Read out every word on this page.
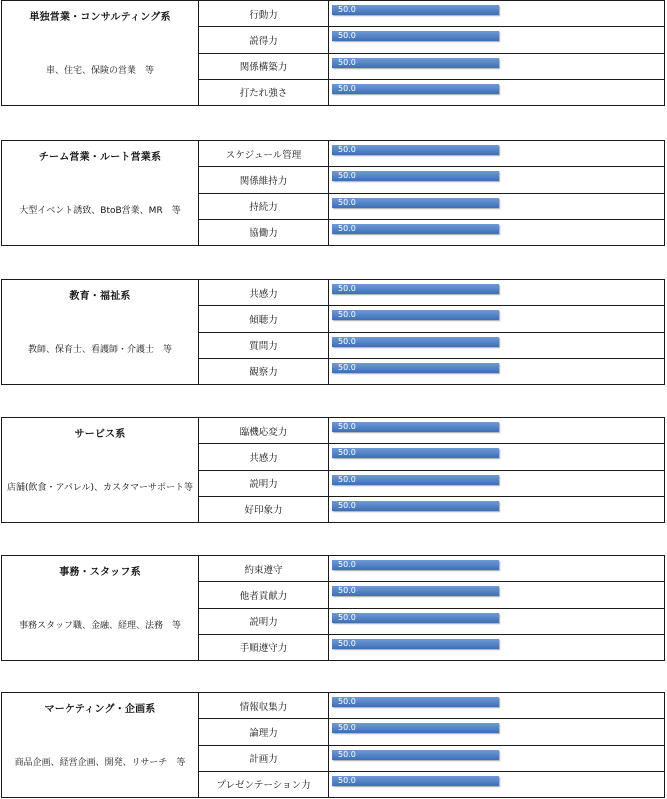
単独営業・コンサルティング系
車、住宅、保険の営業　等
行動力
50.0
説得力
50.0
関係構築力
50.0
打たれ強さ
50.0
チーム営業・ルート営業系
大型イベント誘致、BtoB営業、MR　等
スケジュール管理
50.0
関係維持力
50.0
持続力
50.0
協働力
50.0
教育・福祉系
教師、保育士、看護師・介護士　等
共感力
50.0
傾聴力
50.0
質問力
50.0
観察力
50.0
サービス系
店舗(飲食・アパレル)、カスタマーサポート等
臨機応変力
50.0
共感力
50.0
説明力
50.0
好印象力
50.0
事務・スタッフ系
事務スタッフ職、金融、経理、法務　等
約束遵守
50.0
他者貢献力
50.0
説明力
50.0
手順遵守力
50.0
マーケティング・企画系
商品企画、経営企画、開発、リサーチ　等
情報収集力
50.0
論理力
50.0
計画力
50.0
プレゼンテーション力
50.0
